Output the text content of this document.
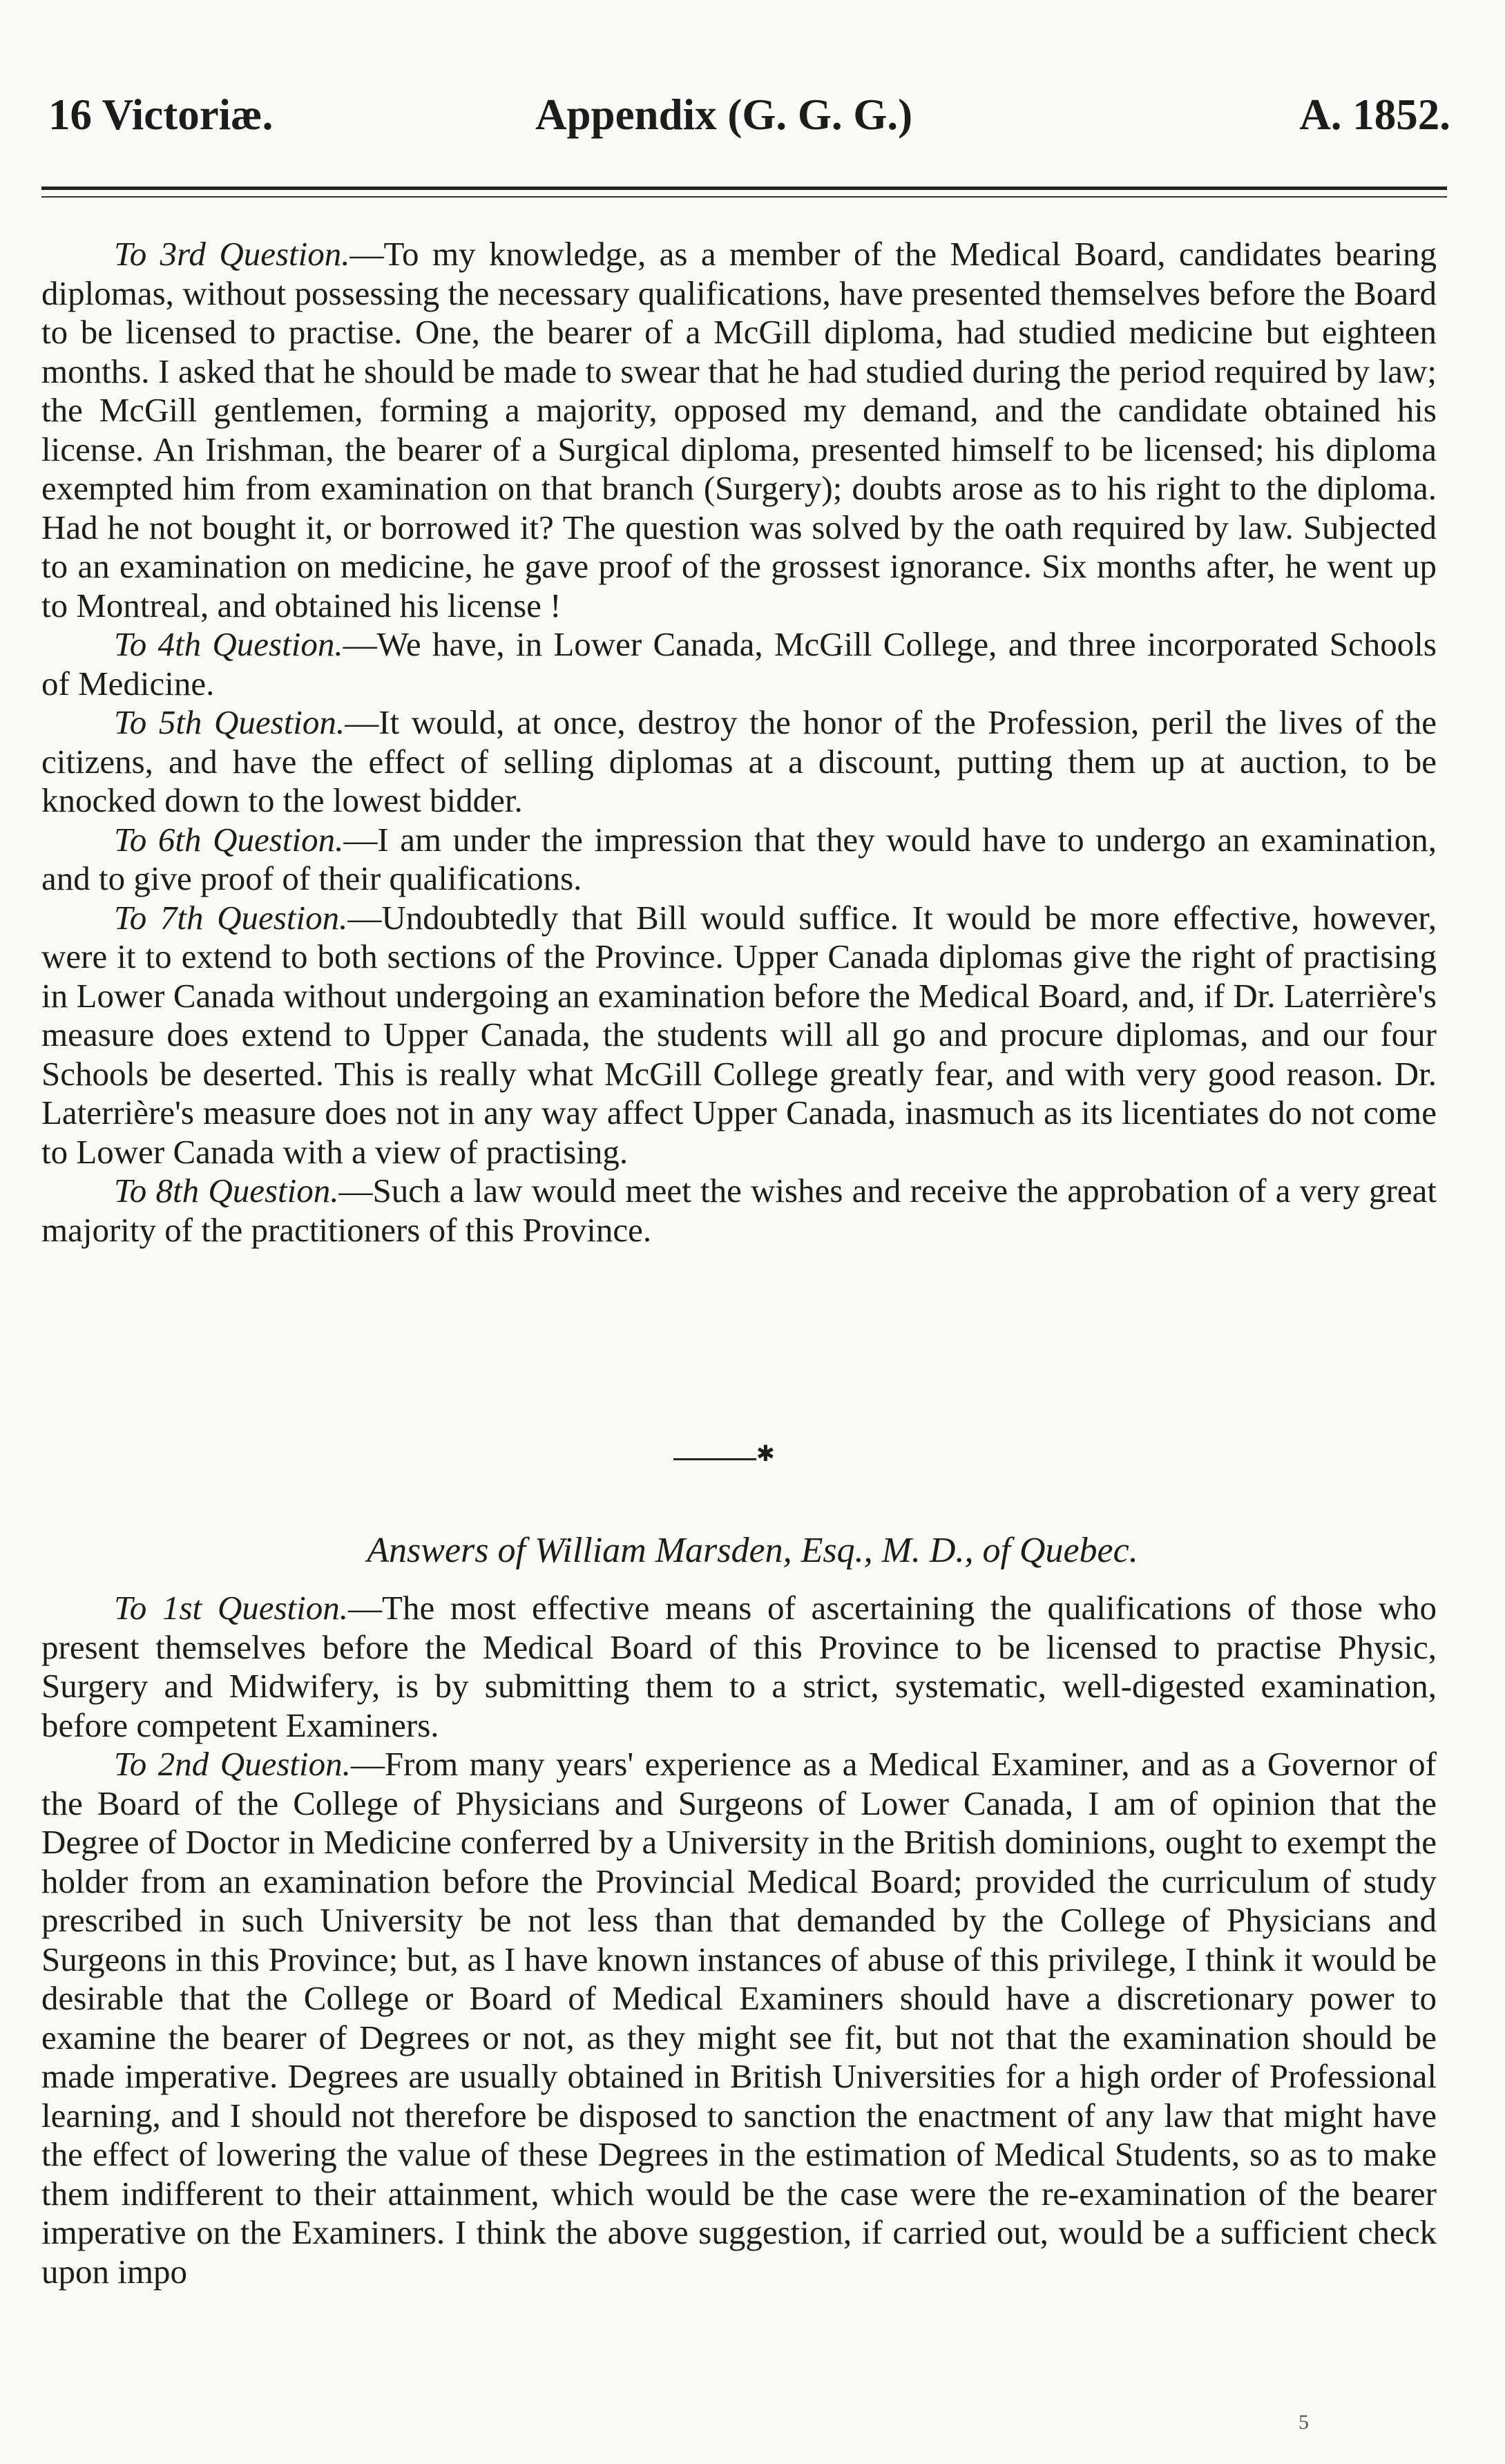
16 Victoriæ.	Appendix (G. G. G.)	A. 1852.

To 3rd Question.—To my knowledge, as a member of the Medical Board, candidates bearing diplomas, without possessing the necessary qualifications, have presented themselves before the Board to be licensed to practise. One, the bearer of a McGill diploma, had studied medicine but eighteen months. I asked that he should be made to swear that he had studied during the period required by law; the McGill gentlemen, forming a majority, opposed my demand, and the candidate obtained his license. An Irishman, the bearer of a Surgical diploma, presented himself to be licensed; his diploma exempted him from examination on that branch (Surgery); doubts arose as to his right to the diploma. Had he not bought it, or borrowed it? The question was solved by the oath required by law. Subjected to an examination on medicine, he gave proof of the grossest ignorance. Six months after, he went up to Montreal, and obtained his license !

To 4th Question.—We have, in Lower Canada, McGill College, and three incorporated Schools of Medicine.

To 5th Question.—It would, at once, destroy the honor of the Profession, peril the lives of the citizens, and have the effect of selling diplomas at a discount, putting them up at auction, to be knocked down to the lowest bidder.

To 6th Question.—I am under the impression that they would have to undergo an examination, and to give proof of their qualifications.

To 7th Question.—Undoubtedly that Bill would suffice. It would be more effective, however, were it to extend to both sections of the Province. Upper Canada diplomas give the right of practising in Lower Canada without undergoing an examination before the Medical Board, and, if Dr. Laterrière's measure does extend to Upper Canada, the students will all go and procure diplomas, and our four Schools be deserted. This is really what McGill College greatly fear, and with very good reason. Dr. Laterrière's measure does not in any way affect Upper Canada, inasmuch as its licentiates do not come to Lower Canada with a view of practising.

To 8th Question.—Such a law would meet the wishes and receive the approbation of a very great majority of the practitioners of this Province.

✱
Answers of William Marsden, Esq., M. D., of Quebec.

To 1st Question.—The most effective means of ascertaining the qualifications of those who present themselves before the Medical Board of this Province to be licensed to practise Physic, Surgery and Midwifery, is by submitting them to a strict, systematic, well-digested examination, before competent Examiners.

To 2nd Question.—From many years' experience as a Medical Examiner, and as a Governor of the Board of the College of Physicians and Surgeons of Lower Canada, I am of opinion that the Degree of Doctor in Medicine conferred by a University in the British dominions, ought to exempt the holder from an examination before the Provincial Medical Board; provided the curriculum of study prescribed in such University be not less than that demanded by the College of Physicians and Surgeons in this Province; but, as I have known instances of abuse of this privilege, I think it would be desirable that the College or Board of Medical Examiners should have a discretionary power to examine the bearer of Degrees or not, as they might see fit, but not that the examination should be made imperative. Degrees are usually obtained in British Universities for a high order of Professional learning, and I should not therefore be disposed to sanction the enactment of any law that might have the effect of lowering the value of these Degrees in the estimation of Medical Students, so as to make them indifferent to their attainment, which would be the case were the re-examination of the bearer imperative on the Examiners. I think the above suggestion, if carried out, would be a sufficient check upon impo

5
